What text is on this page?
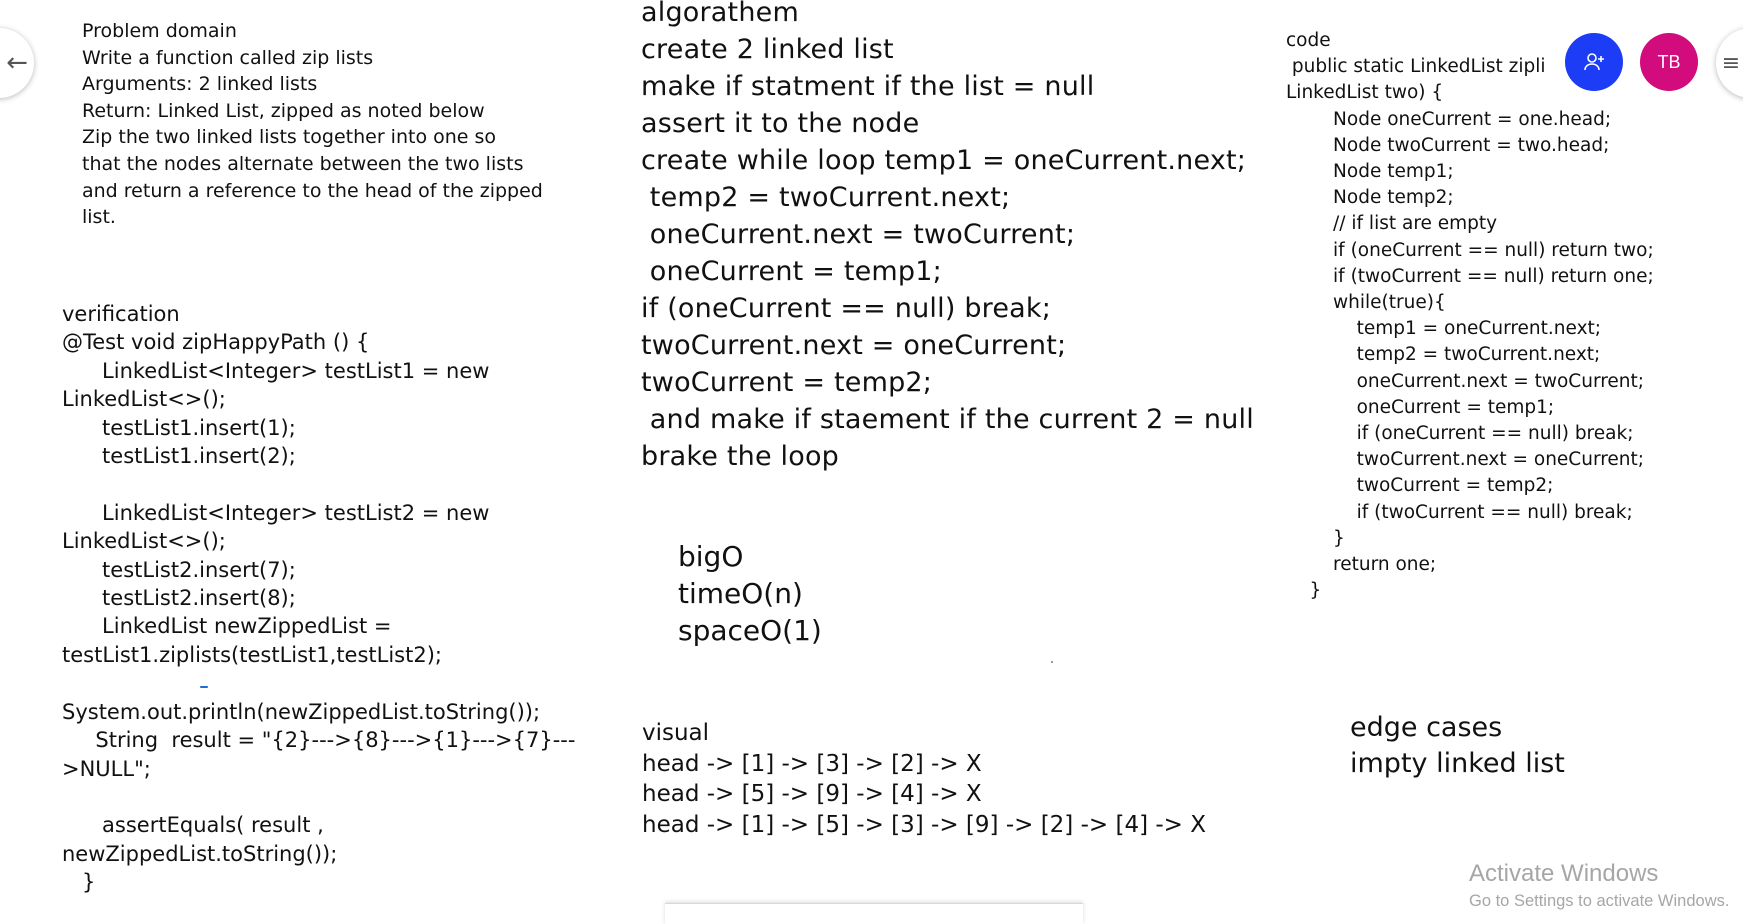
Problem domain
Write a function called zip lists
Arguments: 2 linked lists
Return: Linked List, zipped as noted below
Zip the two linked lists together into one so
that the nodes alternate between the two lists
and return a reference to the head of the zipped
list.
verification
@Test void zipHappyPath () {
LinkedList<Integer> testList1 = new
LinkedList<>();
testList1.insert(1);
testList1.insert(2);

LinkedList<Integer> testList2 = new
LinkedList<>();
testList2.insert(7);
testList2.insert(8);
LinkedList newZippedList =
testList1.ziplists(testList1,testList2);

System.out.println(newZippedList.toString());
String  result = "{2}--->{8}--->{1}--->{7}---
>NULL";

assertEquals( result ,
newZippedList.toString());
}
algorathem
create 2 linked list
make if statment if the list = null
assert it to the node
create while loop temp1 = oneCurrent.next;
temp2 = twoCurrent.next;
oneCurrent.next = twoCurrent;
oneCurrent = temp1;
if (oneCurrent == null) break;
twoCurrent.next = oneCurrent;
twoCurrent = temp2;
and make if staement if the current 2 = null
brake the loop
bigO
timeO(n)
spaceO(1)
visual
head -> [1] -> [3] -> [2] -> X
head -> [5] -> [9] -> [4] -> X
head -> [1] -> [5] -> [3] -> [9] -> [2] -> [4] -> X
code
public static LinkedList zipli
LinkedList two) {
Node oneCurrent = one.head;
Node twoCurrent = two.head;
Node temp1;
Node temp2;
// if list are empty
if (oneCurrent == null) return two;
if (twoCurrent == null) return one;
while(true){
temp1 = oneCurrent.next;
temp2 = twoCurrent.next;
oneCurrent.next = twoCurrent;
oneCurrent = temp1;
if (oneCurrent == null) break;
twoCurrent.next = oneCurrent;
twoCurrent = temp2;
if (twoCurrent == null) break;
}
return one;
}
edge cases
impty linked list
←	TB	≡
Activate Windows
Go to Settings to activate Windows.
